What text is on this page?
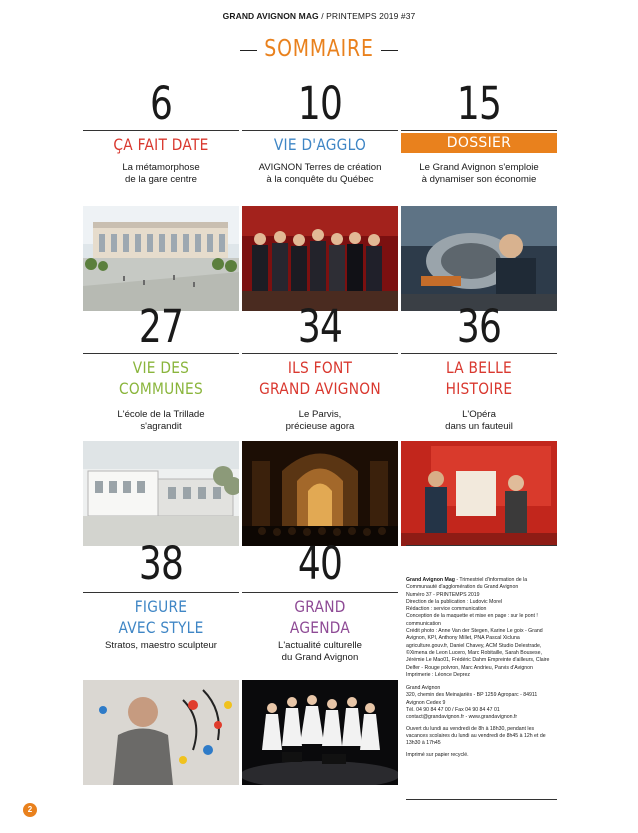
GRAND AVIGNON MAG / PRINTEMPS 2019 #37
SOMMAIRE
6
ÇA FAIT DATE
La métamorphose
de la gare centre
10
VIE D'AGGLO
AVIGNON Terres de création
à la conquête du Québec
15
DOSSIER
Le Grand Avignon s'emploie
à dynamiser son économie
27
VIE DES
COMMUNES
L'école de la Trillade
s'agrandit
34
ILS FONT
GRAND AVIGNON
Le Parvis,
précieuse agora
36
LA BELLE
HISTOIRE
L'Opéra
dans un fauteuil
38
FIGURE
AVEC STYLE
Stratos, maestro sculpteur
40
GRAND
AGENDA
L'actualité culturelle
du Grand Avignon

Grand Avignon Mag - Trimestriel d'information de la Communauté d'agglomération du Grand Avignon
Numéro 37 - PRINTEMPS 2019
Direction de la publication : Ludovic Morel
Rédaction : service communication
Conception de la maquette et mise en page : sur le pont ! communication
Crédit photo : Anne Van der Stegen, Karine Le goix - Grand Avignon, KPI, Anthony Millet, PNA Pascal Xicluna agriculture.gouv.fr, Daniel Chavey, ACM Studio Delestrade, ©Ximena de Leon Lucero, Marc Robitaille, Sarah Bousese, Jérémie Le Mao01, Frédéric Dahm Empreinte d'ailleurs, Claire Delfer - Rouge polvron, Marc Andrieu, Parvis d'Avignon
Imprimerie : Léonce Deprez

Grand Avignon
320, chemin des Meinajariès - BP 1259 Agroparc - 84911 Avignon Cedex 9
Tél. 04 90 84 47 00 / Fax 04 90 84 47 01
contact@grandavignon.fr - www.grandavignon.fr

Ouvert du lundi au vendredi de 8h à 18h30, pendant les vacances scolaires du lundi au vendredi de 8h45 à 12h et de 13h30 à 17h45

Imprimé sur papier recyclé.

2
